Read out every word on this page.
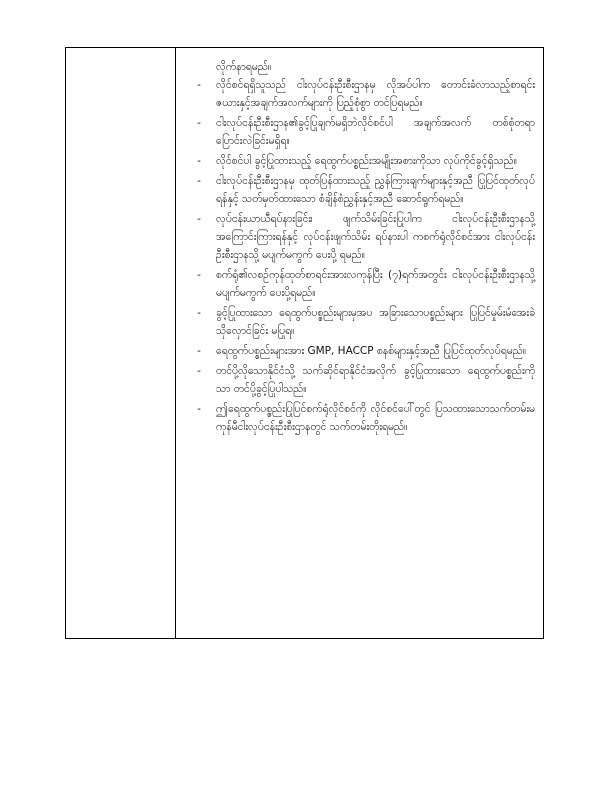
လိုက်နာရမည်။

-	လိုင်စင်ရရှိသူသည် ငါးလုပ်ငန်းဦးစီးဌာနမှ လိုအပ်ပါက တောင်းခံလာသည့်စာရင်းဇယားနှင့်အချက်အလက်များကို ပြည့်စုံစွာ တင်ပြရမည်။
-	ငါးလုပ်ငန်းဦးစီးဌာန၏ခွင့်ပြုချက်မရှိဘဲလိုင်စင်ပါ အချက်အလက် တစ်စုံတရာပြောင်းလဲခြင်းမရှိရ။
-	လိုင်စင်ပါ ခွင့်ပြုထားသည့် ရေထွက်ပစ္စည်းအမျိုးအစားကိုသာ လုပ်ကိုင်ခွင့်ရှိသည်။
-	ငါးလုပ်ငန်းဦးစီးဌာနမှ ထုတ်ပြန်ထားသည့် ညွှန်ကြားချက်များနှင့်အညီ ပြုပြင်ထုတ်လုပ်ရန်နှင့် သတ်မှတ်ထားသော စံချိန်စံညွှန်းနှင့်အညီ ဆောင်ရွက်ရမည်။
-	လုပ်ငန်းယာယီရပ်နားခြင်း၊ ဖျက်သိမ်းခြင်းပြုပါက ငါးလုပ်ငန်းဦးစီးဌာနသို့ အကြောင်းကြားရန်နှင့် လုပ်ငန်းဖျက်သိမ်း ရပ်နားပါ ကစက်ရုံလိုင်စင်အား ငါးလုပ်ငန်းဦးစီးဌာနသို့ မပျက်မကွက် ပေးပို့ ရမည်။
-	စက်ရုံ၏လစဉ်ကုန်ထုတ်စာရင်းအားလကုန်ပြီး (၇)ရက်အတွင်း ငါးလုပ်ငန်းဦးစီးဌာနသို့မပျက်မကွက် ပေးပို့ရမည်။
-	ခွင့်ပြုထားသော ရေထွက်ပစ္စည်းများမှအပ အခြားသောပစ္စည်းများ ပြုပြင်မှုမ်းမံအေးခဲသိုလှောင်ခြင်း မပြုရ။
-	ရေထွက်ပစ္စည်းများအား GMP, HACCP စနစ်များနှင့်အညီ ပြုပြင်ထုတ်လုပ်ရမည်။
-	တင်ပို့လိုသောနိုင်ငံသို့ သက်ဆိုင်ရာနိုင်ငံအလိုက် ခွင့်ပြုထားသော ရေထွက်ပစ္စည်းကိုသာ တင်ပို့ခွင့်ပြုပါသည်။
-	ဤရေထွက်ပစ္စည်းပြုပြင်စက်ရုံလိုင်စင်ကို လိုင်စင်ပေါ်တွင် ပြသထားသောသက်တမ်းမကုန်မီငါးလုပ်ငန်းဦးစီးဌာနတွင် သက်တမ်းတိုးရမည်။
